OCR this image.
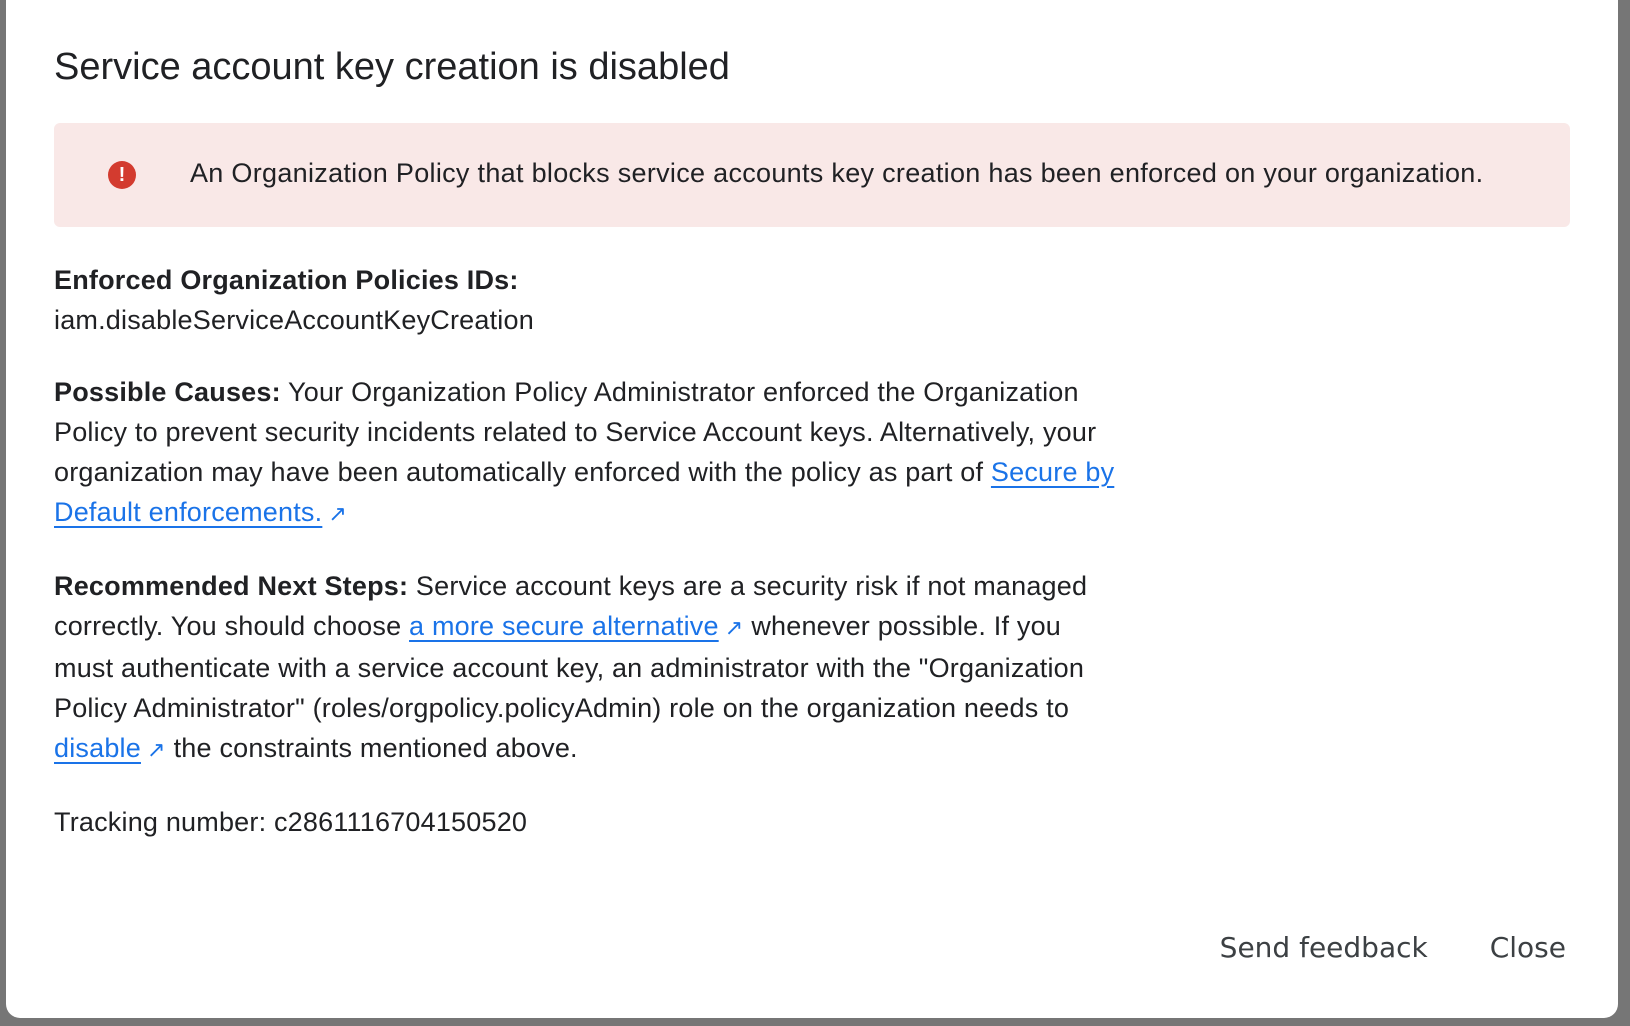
Service account key creation is disabled
!	An Organization Policy that blocks service accounts key creation has been enforced on your organization.

Enforced Organization Policies IDs:
iam.disableServiceAccountKeyCreation

Possible Causes: Your Organization Policy Administrator enforced the Organization Policy to prevent security incidents related to Service Account keys. Alternatively, your organization may have been automatically enforced with the policy as part of Secure by Default enforcements. ↗

Recommended Next Steps: Service account keys are a security risk if not managed correctly. You should choose a more secure alternative ↗ whenever possible. If you must authenticate with a service account key, an administrator with the "Organization Policy Administrator" (roles/orgpolicy.policyAdmin) role on the organization needs to disable ↗ the constraints mentioned above.

Tracking number: c2861116704150520

Send feedback Close
